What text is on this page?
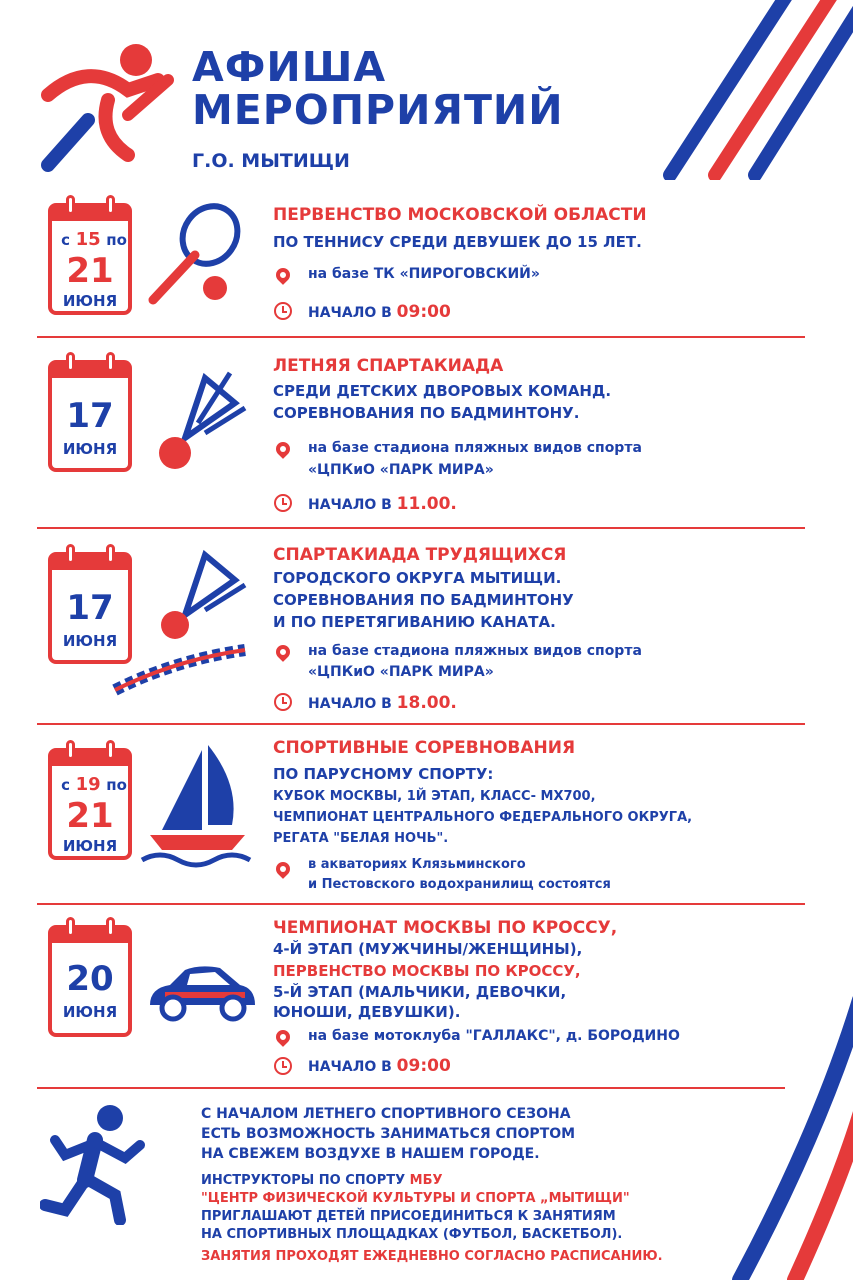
АФИША
МЕРОПРИЯТИЙ
Г.О. МЫТИЩИ
с 15 по
21
ИЮНЯ
ПЕРВЕНСТВО МОСКОВСКОЙ ОБЛАСТИ
ПО ТЕННИСУ СРЕДИ ДЕВУШЕК ДО 15 ЛЕТ.
на базе ТК «ПИРОГОВСКИЙ»
НАЧАЛО В 09:00
17
ИЮНЯ
ЛЕТНЯЯ СПАРТАКИАДА
СРЕДИ ДЕТСКИХ ДВОРОВЫХ КОМАНД.
СОРЕВНОВАНИЯ ПО БАДМИНТОНУ.
на базе стадиона пляжных видов спорта
«ЦПКиО «ПАРК МИРА»
НАЧАЛО В 11.00.
17
ИЮНЯ
СПАРТАКИАДА ТРУДЯЩИХСЯ
ГОРОДСКОГО ОКРУГА МЫТИЩИ.
СОРЕВНОВАНИЯ ПО БАДМИНТОНУ
И ПО ПЕРЕТЯГИВАНИЮ КАНАТА.
на базе стадиона пляжных видов спорта
«ЦПКиО «ПАРК МИРА»
НАЧАЛО В 18.00.
с 19 по
21
ИЮНЯ
СПОРТИВНЫЕ СОРЕВНОВАНИЯ
ПО ПАРУСНОМУ СПОРТУ:
КУБОК МОСКВЫ, 1Й ЭТАП, КЛАСС- МХ700,
ЧЕМПИОНАТ ЦЕНТРАЛЬНОГО ФЕДЕРАЛЬНОГО ОКРУГА,
РЕГАТА "БЕЛАЯ НОЧЬ".
в акваториях Клязьминского
и Пестовского водохранилищ состоятся
20
ИЮНЯ
ЧЕМПИОНАТ МОСКВЫ ПО КРОССУ,
4-Й ЭТАП (МУЖЧИНЫ/ЖЕНЩИНЫ),
ПЕРВЕНСТВО МОСКВЫ ПО КРОССУ,
5-Й ЭТАП (МАЛЬЧИКИ, ДЕВОЧКИ,
ЮНОШИ, ДЕВУШКИ).
на базе мотоклуба "ГАЛЛАКС", д. БОРОДИНО
НАЧАЛО В 09:00
С НАЧАЛОМ ЛЕТНЕГО СПОРТИВНОГО СЕЗОНА
ЕСТЬ ВОЗМОЖНОСТЬ ЗАНИМАТЬСЯ СПОРТОМ
НА СВЕЖЕМ ВОЗДУХЕ В НАШЕМ ГОРОДЕ.
ИНСТРУКТОРЫ ПО СПОРТУ МБУ
"ЦЕНТР ФИЗИЧЕСКОЙ КУЛЬТУРЫ И СПОРТА „МЫТИЩИ"
ПРИГЛАШАЮТ ДЕТЕЙ ПРИСОЕДИНИТЬСЯ К ЗАНЯТИЯМ
НА СПОРТИВНЫХ ПЛОЩАДКАХ (ФУТБОЛ, БАСКЕТБОЛ).
ЗАНЯТИЯ ПРОХОДЯТ ЕЖЕДНЕВНО СОГЛАСНО РАСПИСАНИЮ.
